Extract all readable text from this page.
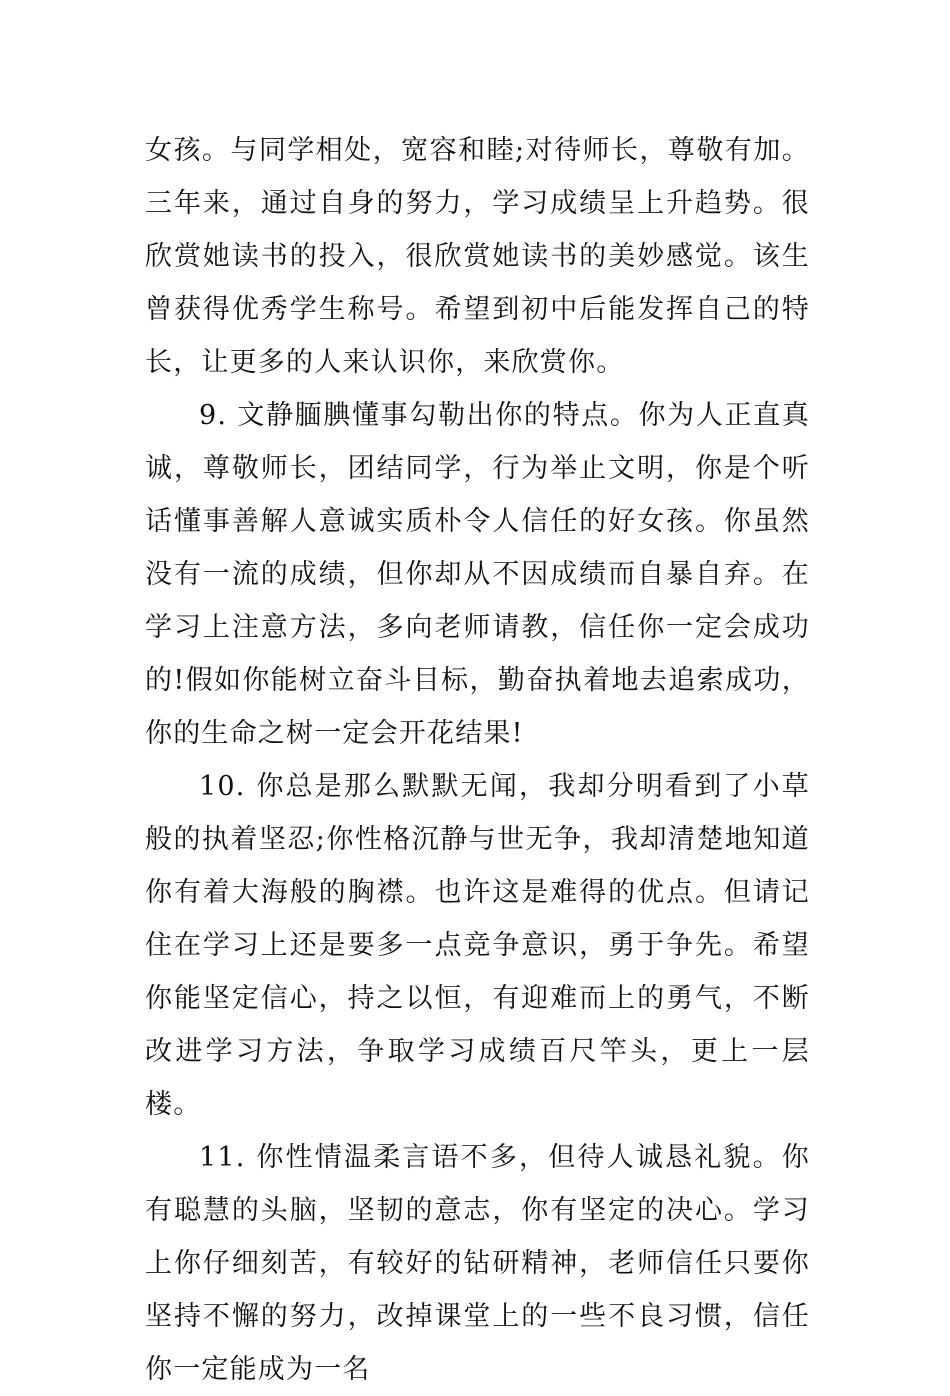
女孩。与同学相处，宽容和睦;对待师长，尊敬有加。三年来，通过自身的努力，学习成绩呈上升趋势。很欣赏她读书的投入，很欣赏她读书的美妙感觉。该生曾获得优秀学生称号。希望到初中后能发挥自己的特长，让更多的人来认识你，来欣赏你。

9. 文静腼腆懂事勾勒出你的特点。你为人正直真诚，尊敬师长，团结同学，行为举止文明，你是个听话懂事善解人意诚实质朴令人信任的好女孩。你虽然没有一流的成绩，但你却从不因成绩而自暴自弃。在学习上注意方法，多向老师请教，信任你一定会成功的!假如你能树立奋斗目标，勤奋执着地去追索成功，你的生命之树一定会开花结果!

10. 你总是那么默默无闻，我却分明看到了小草般的执着坚忍;你性格沉静与世无争，我却清楚地知道你有着大海般的胸襟。也许这是难得的优点。但请记住在学习上还是要多一点竞争意识，勇于争先。希望你能坚定信心，持之以恒，有迎难而上的勇气，不断改进学习方法，争取学习成绩百尺竿头，更上一层楼。

11. 你性情温柔言语不多，但待人诚恳礼貌。你有聪慧的头脑，坚韧的意志，你有坚定的决心。学习上你仔细刻苦，有较好的钻研精神，老师信任只要你坚持不懈的努力，改掉课堂上的一些不良习惯，信任你一定能成为一名
